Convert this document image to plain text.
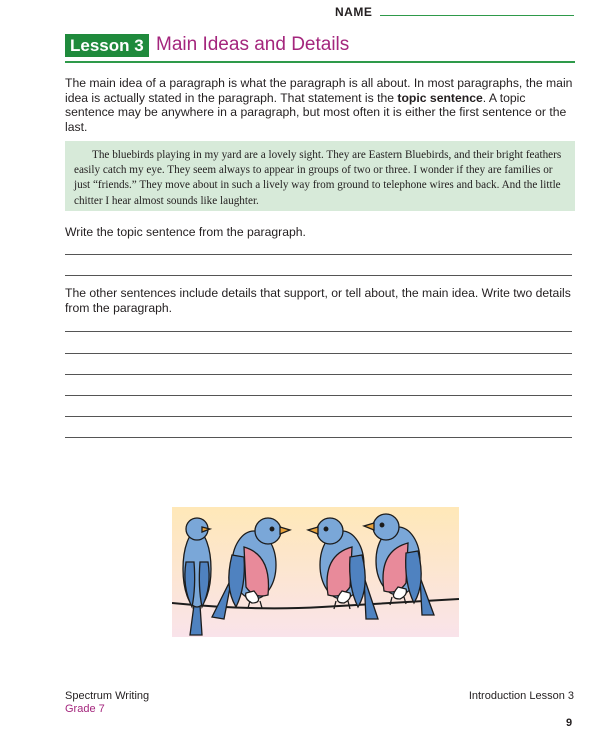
NAME
Lesson 3 Main Ideas and Details
The main idea of a paragraph is what the paragraph is all about. In most paragraphs, the main idea is actually stated in the paragraph. That statement is the topic sentence. A topic sentence may be anywhere in a paragraph, but most often it is either the first sentence or the last.
The bluebirds playing in my yard are a lovely sight. They are Eastern Bluebirds, and their bright feathers easily catch my eye. They seem always to appear in groups of two or three. I wonder if they are families or just “friends.” They move about in such a lively way from ground to telephone wires and back. And the little chitter I hear almost sounds like laughter.
Write the topic sentence from the paragraph.
The other sentences include details that support, or tell about, the main idea. Write two details from the paragraph.
Spectrum Writing
Grade 7
Introduction Lesson 3
9
